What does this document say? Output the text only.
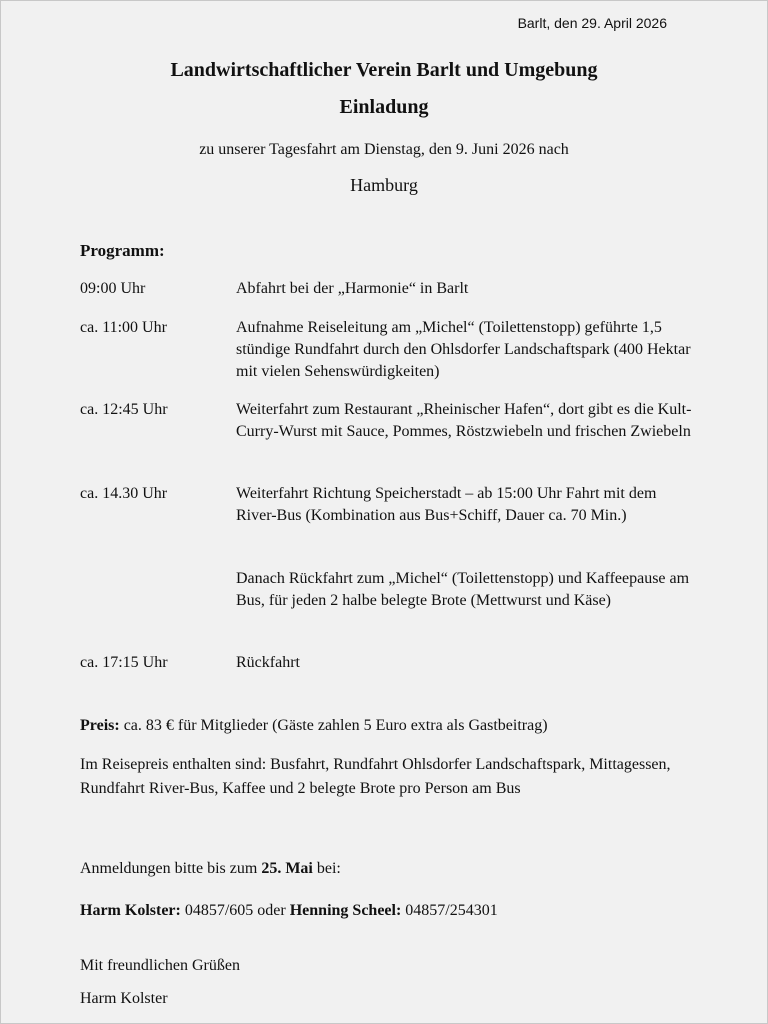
Barlt, den 29. April 2026
Landwirtschaftlicher Verein Barlt und Umgebung
Einladung
zu unserer Tagesfahrt am Dienstag, den 9. Juni 2026 nach
Hamburg
Programm:
09:00 Uhr	Abfahrt bei der „Harmonie“ in Barlt
ca. 11:00 Uhr	Aufnahme Reiseleitung am „Michel“ (Toilettenstopp) geführte 1,5 stündige Rundfahrt durch den Ohlsdorfer Landschaftspark (400 Hektar mit vielen Sehenswürdigkeiten)
ca. 12:45 Uhr	Weiterfahrt zum Restaurant „Rheinischer Hafen“, dort gibt es die Kult-Curry-Wurst mit Sauce, Pommes, Röstzwiebeln und frischen Zwiebeln
ca. 14.30 Uhr	Weiterfahrt Richtung Speicherstadt – ab 15:00 Uhr Fahrt mit dem River-Bus (Kombination aus Bus+Schiff, Dauer ca. 70 Min.)
Danach Rückfahrt zum „Michel“ (Toilettenstopp) und Kaffeepause am Bus, für jeden 2 halbe belegte Brote (Mettwurst und Käse)
ca. 17:15 Uhr	Rückfahrt
Preis: ca. 83 € für Mitglieder (Gäste zahlen 5 Euro extra als Gastbeitrag)
Im Reisepreis enthalten sind: Busfahrt, Rundfahrt Ohlsdorfer Landschaftspark, Mittagessen, Rundfahrt River-Bus, Kaffee und 2 belegte Brote pro Person am Bus
Anmeldungen bitte bis zum 25. Mai bei:
Harm Kolster: 04857/605 oder Henning Scheel: 04857/254301
Mit freundlichen Grüßen
Harm Kolster
